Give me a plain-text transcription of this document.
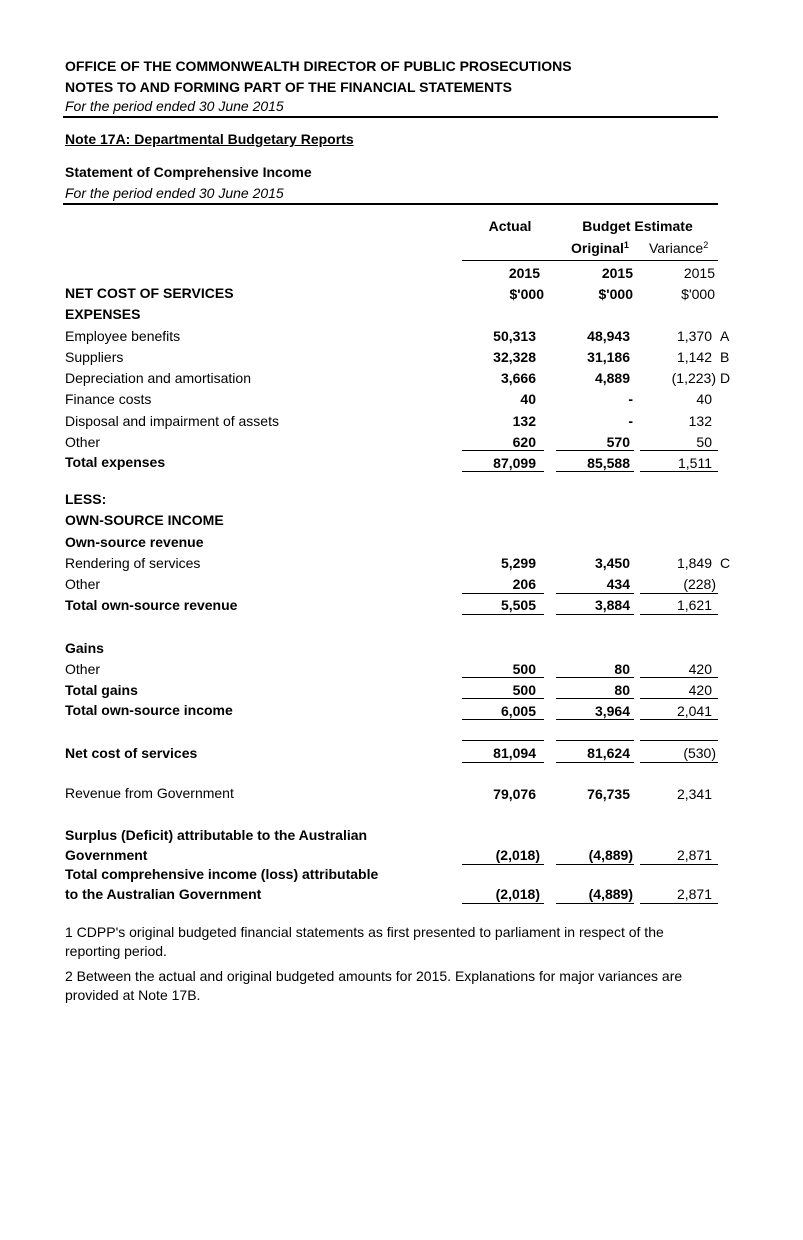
OFFICE OF THE COMMONWEALTH DIRECTOR OF PUBLIC PROSECUTIONS
NOTES TO AND FORMING PART OF THE FINANCIAL STATEMENTS
For the period ended 30 June 2015
Note 17A: Departmental Budgetary Reports
Statement of Comprehensive Income
For the period ended 30 June 2015
Actual	Budget Estimate
Original$^1$ Variance$^2$
2015	2015	2015
NET COST OF SERVICES	$'000	$'000	$'000
EXPENSES
Employee benefits	50,313	48,943	1,370 A
Suppliers	32,328	31,186	1,142 B
Depreciation and amortisation	3,666	4,889	(1,223) D
Finance costs	40	-	40
Disposal and impairment of assets	132	-	132
Other	620	570	50
Total expenses	87,099	85,588	1,511
LESS:
OWN-SOURCE INCOME
Own-source revenue
Rendering of services	5,299	3,450	1,849 C
Other	206	434	(228)
Total own-source revenue	5,505	3,884	1,621
Gains
Other	500	80	420
Total gains	500	80	420
Total own-source income	6,005	3,964	2,041
Net cost of services	81,094	81,624	(530)
Revenue from Government	79,076	76,735	2,341
Surplus (Deficit) attributable to the Australian
Government	(2,018)	(4,889)	2,871
Total comprehensive income (loss) attributable
to the Australian Government	(2,018)	(4,889)	2,871
1 CDPP's original budgeted financial statements as first presented to parliament in respect of the reporting period.
2 Between the actual and original budgeted amounts for 2015. Explanations for major variances are provided at Note 17B.
